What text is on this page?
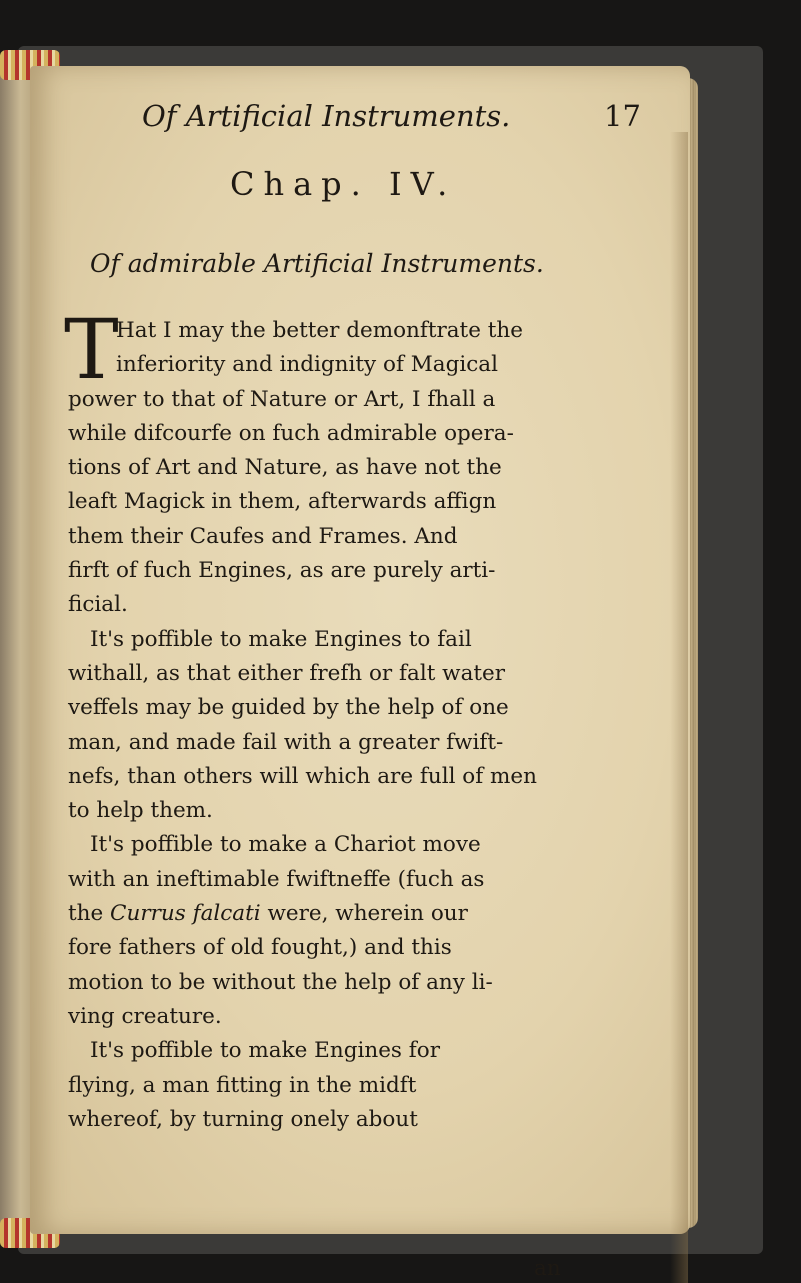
Of Artificial Instruments.	17
Chap. IV.
Of admirable Artificial Instruments.
T
Hat I may the better demonftrate the
inferiority and indignity of Magical
power to that of Nature or Art, I fhall a
while difcourfe on fuch admirable opera-
tions of Art and Nature, as have not the
leaft Magick in them, afterwards affign
them their Caufes and Frames. And
firft of fuch Engines, as are purely arti-
ficial.
It's poffible to make Engines to fail
withall, as that either frefh or falt water
veffels may be guided by the help of one
man, and made fail with a greater fwift-
nefs, than others will which are full of men
to help them.
It's poffible to make a Chariot move
with an ineftimable fwiftneffe (fuch as
the Currus falcati were, wherein our
fore fathers of old fought,) and this
motion to be without the help of any li-
ving creature.
It's poffible to make Engines for
flying, a man fitting in the midft
whereof, by turning onely about
an
